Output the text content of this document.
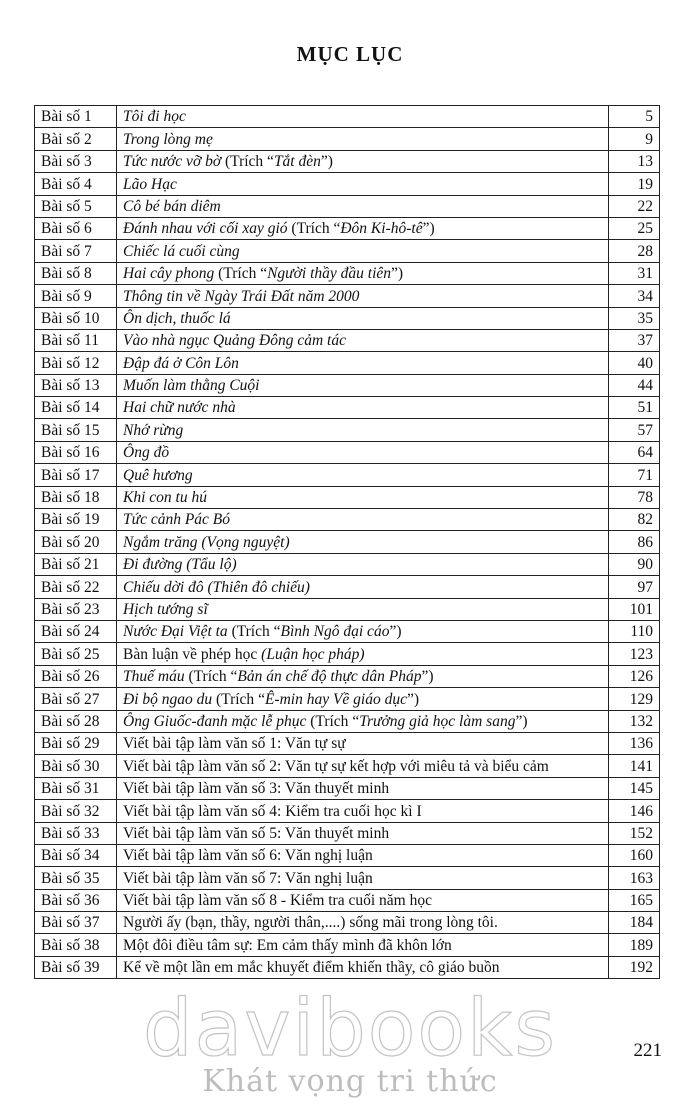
MỤC LỤC
Bài số 1	Tôi đi học	5
Bài số 2	Trong lòng mẹ	9
Bài số 3	Tức nước vỡ bờ (Trích “Tắt đèn”)	13
Bài số 4	Lão Hạc	19
Bài số 5	Cô bé bán diêm	22
Bài số 6	Đánh nhau với cối xay gió (Trích “Đôn Ki-hô-tê”)	25
Bài số 7	Chiếc lá cuối cùng	28
Bài số 8	Hai cây phong (Trích “Người thầy đầu tiên”)	31
Bài số 9	Thông tin về Ngày Trái Đất năm 2000	34
Bài số 10	Ôn dịch, thuốc lá	35
Bài số 11	Vào nhà ngục Quảng Đông cảm tác	37
Bài số 12	Đập đá ở Côn Lôn	40
Bài số 13	Muốn làm thằng Cuội	44
Bài số 14	Hai chữ nước nhà	51
Bài số 15	Nhớ rừng	57
Bài số 16	Ông đồ	64
Bài số 17	Quê hương	71
Bài số 18	Khi con tu hú	78
Bài số 19	Tức cảnh Pác Bó	82
Bài số 20	Ngắm trăng (Vọng nguyệt)	86
Bài số 21	Đi đường (Tẩu lộ)	90
Bài số 22	Chiếu dời đô (Thiên đô chiếu)	97
Bài số 23	Hịch tướng sĩ	101
Bài số 24	Nước Đại Việt ta (Trích “Bình Ngô đại cáo”)	110
Bài số 25	Bàn luận về phép học (Luận học pháp)	123
Bài số 26	Thuế máu (Trích “Bản án chế độ thực dân Pháp”)	126
Bài số 27	Đi bộ ngao du (Trích “Ê-min hay Về giáo dục”)	129
Bài số 28	Ông Giuốc-đanh mặc lễ phục (Trích “Trưởng giả học làm sang”)	132
Bài số 29	Viết bài tập làm văn số 1: Văn tự sự	136
Bài số 30	Viết bài tập làm văn số 2: Văn tự sự kết hợp với miêu tả và biểu cảm	141
Bài số 31	Viết bài tập làm văn số 3: Văn thuyết minh	145
Bài số 32	Viết bài tập làm văn số 4: Kiểm tra cuối học kì I	146
Bài số 33	Viết bài tập làm văn số 5: Văn thuyết minh	152
Bài số 34	Viết bài tập làm văn số 6: Văn nghị luận	160
Bài số 35	Viết bài tập làm văn số 7: Văn nghị luận	163
Bài số 36	Viết bài tập làm văn số 8 - Kiểm tra cuối năm học	165
Bài số 37	Người ấy (bạn, thầy, người thân,....) sống mãi trong lòng tôi.	184
Bài số 38	Một đôi điều tâm sự: Em cảm thấy mình đã khôn lớn	189
Bài số 39	Kể về một lần em mắc khuyết điểm khiến thầy, cô giáo buồn	192
davibooks
Khát vọng tri thức
221
